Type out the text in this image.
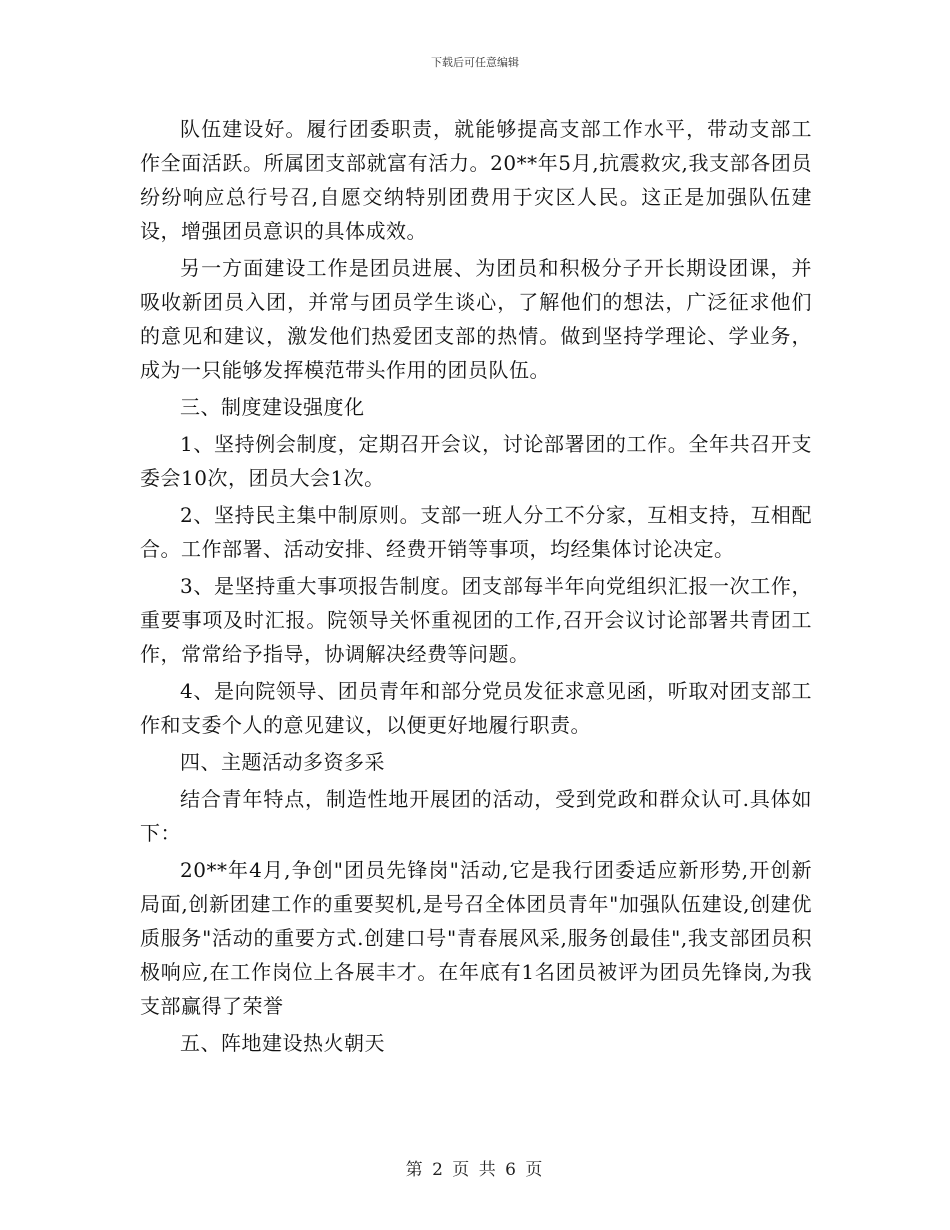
下载后可任意编辑

队伍建设好。履行团委职责，就能够提高支部工作水平，带动支部工作全面活跃。所属团支部就富有活力。20**年5月,抗震救灾,我支部各团员纷纷响应总行号召,自愿交纳特别团费用于灾区人民。这正是加强队伍建设，增强团员意识的具体成效。

另一方面建设工作是团员进展、为团员和积极分子开长期设团课，并吸收新团员入团，并常与团员学生谈心，了解他们的想法，广泛征求他们的意见和建议，激发他们热爱团支部的热情。做到坚持学理论、学业务，成为一只能够发挥模范带头作用的团员队伍。

三、制度建设强度化

1、坚持例会制度，定期召开会议，讨论部署团的工作。全年共召开支委会10次，团员大会1次。

2、坚持民主集中制原则。支部一班人分工不分家，互相支持，互相配合。工作部署、活动安排、经费开销等事项，均经集体讨论决定。

3、是坚持重大事项报告制度。团支部每半年向党组织汇报一次工作，重要事项及时汇报。院领导关怀重视团的工作,召开会议讨论部署共青团工作，常常给予指导，协调解决经费等问题。

4、是向院领导、团员青年和部分党员发征求意见函，听取对团支部工作和支委个人的意见建议，以便更好地履行职责。

四、主题活动多资多采

结合青年特点，制造性地开展团的活动，受到党政和群众认可.具体如下：

20**年4月,争创"团员先锋岗"活动,它是我行团委适应新形势,开创新局面,创新团建工作的重要契机,是号召全体团员青年"加强队伍建设,创建优质服务"活动的重要方式.创建口号"青春展风采,服务创最佳",我支部团员积极响应,在工作岗位上各展丰才。在年底有1名团员被评为团员先锋岗,为我支部赢得了荣誉

五、阵地建设热火朝天

第 2 页 共 6 页
